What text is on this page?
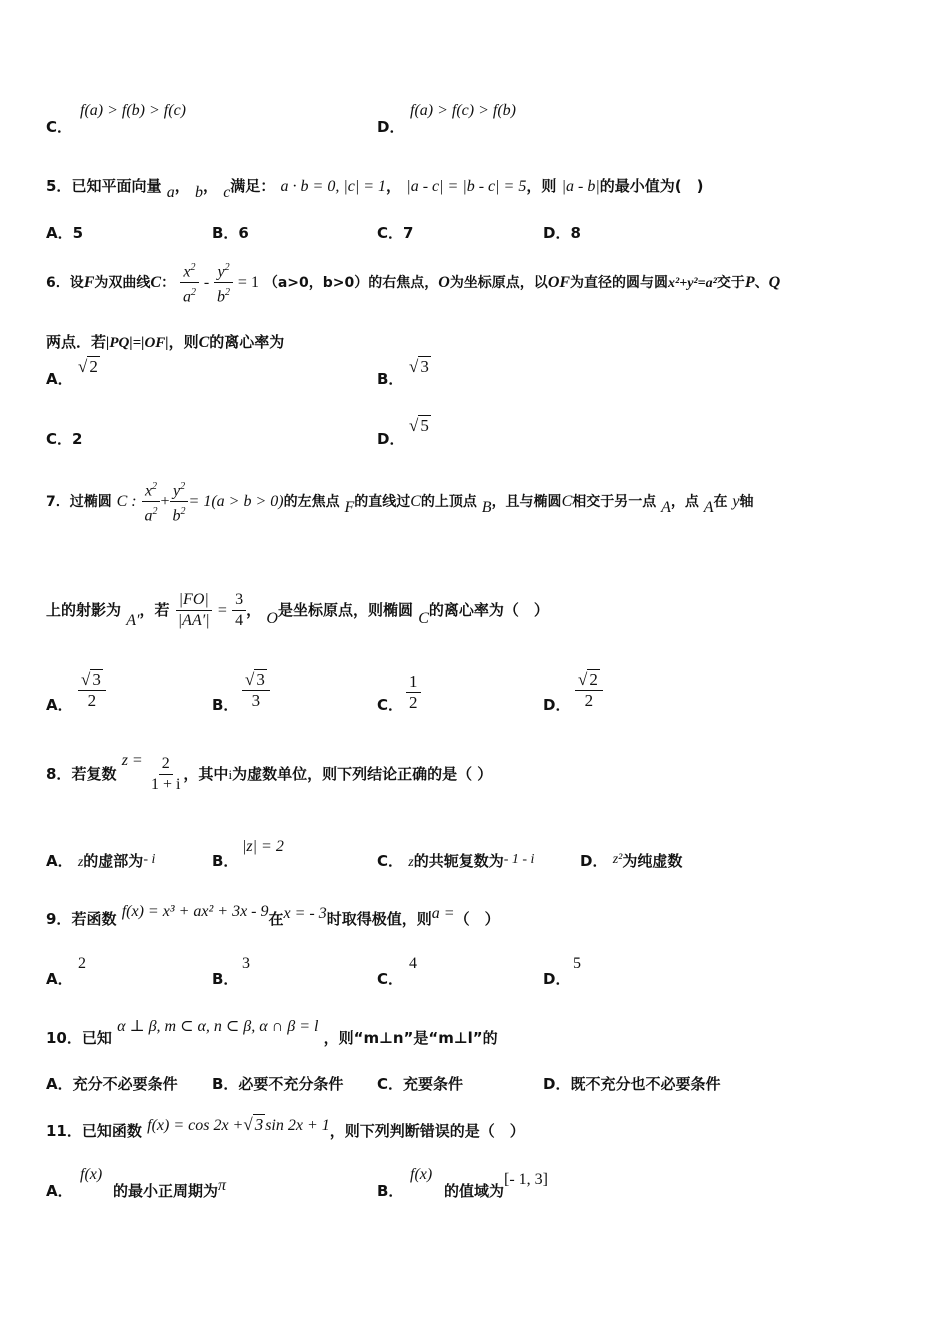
C．
f(a) > f(b) > f(c)
D．
f(a) > f(c) > f(b)
5．已知平面向量 a， b， c满足： a · b = 0, |c| = 1， |a - c| = |b - c| = 5，则 |a - b|的最小值为(　)
A．5	B．6	C．7	D．8
6．设F为双曲线C： $\frac{x^2}{a^2} - \frac{y^2}{b^2} = 1$ （a>0，b>0）的右焦点，O为坐标原点，以OF为直径的圆与圆x²+y²=a²交于P、Q
两点．若|PQ|=|OF|，则C的离心率为
A．
√ 2
B．
√ 3
C．2	D．
√ 5
7．过椭圆 C : $\frac{x^2}{a^2} + \frac{y^2}{b^2} = 1(a > b > 0)$的左焦点 F的直线过C的上顶点 B，且与椭圆C相交于另一点 A，点 A在 y轴
上的射影为 A′，若 $\frac{|FO|}{|AA'|} = \frac{3}{4}$ ， O是坐标原点，则椭圆 C的离心率为（　）
A． $\frac{√ 3}{2}$	B． $\frac{√ 3}{3}$	C． $\frac{1}{2}$	D． $\frac{√ 2}{2}$
8．若复数 $z = \frac{2}{1 + i}$ ，其中i为虚数单位，则下列结论正确的是（ ）
A． z的虚部为- i	B．
|z| = 2
C． z的共轭复数为- 1 - i	D． z²为纯虚数
9．若函数 f(x) = x³ + ax² + 3x - 9在x = - 3时取得极值，则a =（　）
A．
2
B．
3
C．
4
D．
5
10．已知 α ⊥ β, m ⊂ α, n ⊂ β, α ∩ β = l ，则“m⊥n”是“m⊥l”的
A．充分不必要条件 B．必要不充分条件 C．充要条件	D．既不充分也不必要条件
11．已知函数 f(x) = cos 2x +√ 3 sin 2x + 1，则下列判断错误的是（　）
A．
f(x)
的最小正周期为π	B．
f(x)
的值域为[- 1, 3]
